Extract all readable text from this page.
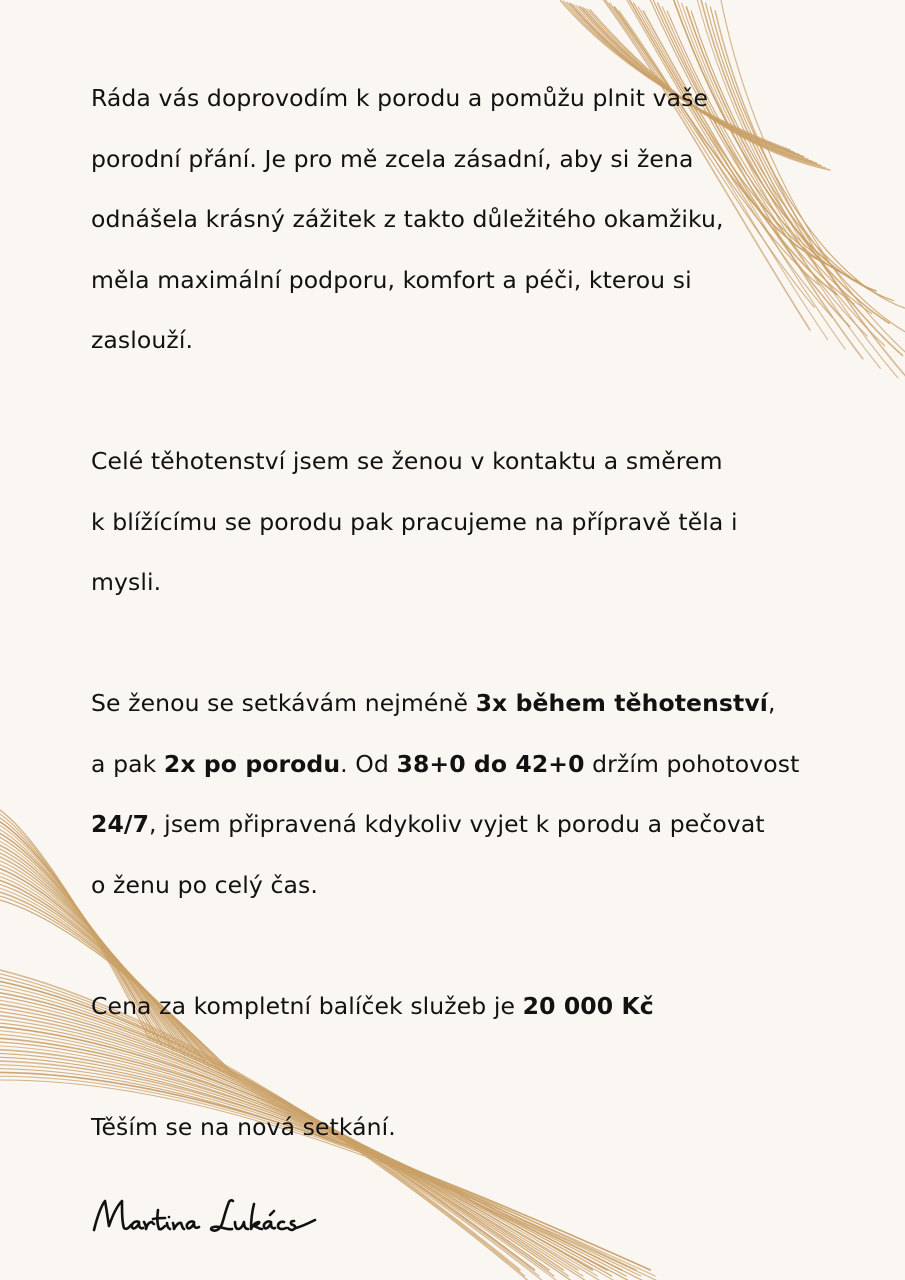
Ráda vás doprovodím k porodu a pomůžu plnit vaše

porodní přání. Je pro mě zcela zásadní, aby si žena

odnášela krásný zážitek z takto důležitého okamžiku,

měla maximální podporu, komfort a péči, kterou si

zaslouží.

Celé těhotenství jsem se ženou v kontaktu a směrem

k blížícímu se porodu pak pracujeme na přípravě těla i

mysli.

Se ženou se setkávám nejméně 3x během těhotenství,

a pak 2x po porodu. Od 38+0 do 42+0 držím pohotovost

24/7, jsem připravená kdykoliv vyjet k porodu a pečovat

o ženu po celý čas.

Cena za kompletní balíček služeb je 20 000 Kč

Těším se na nová setkání.
